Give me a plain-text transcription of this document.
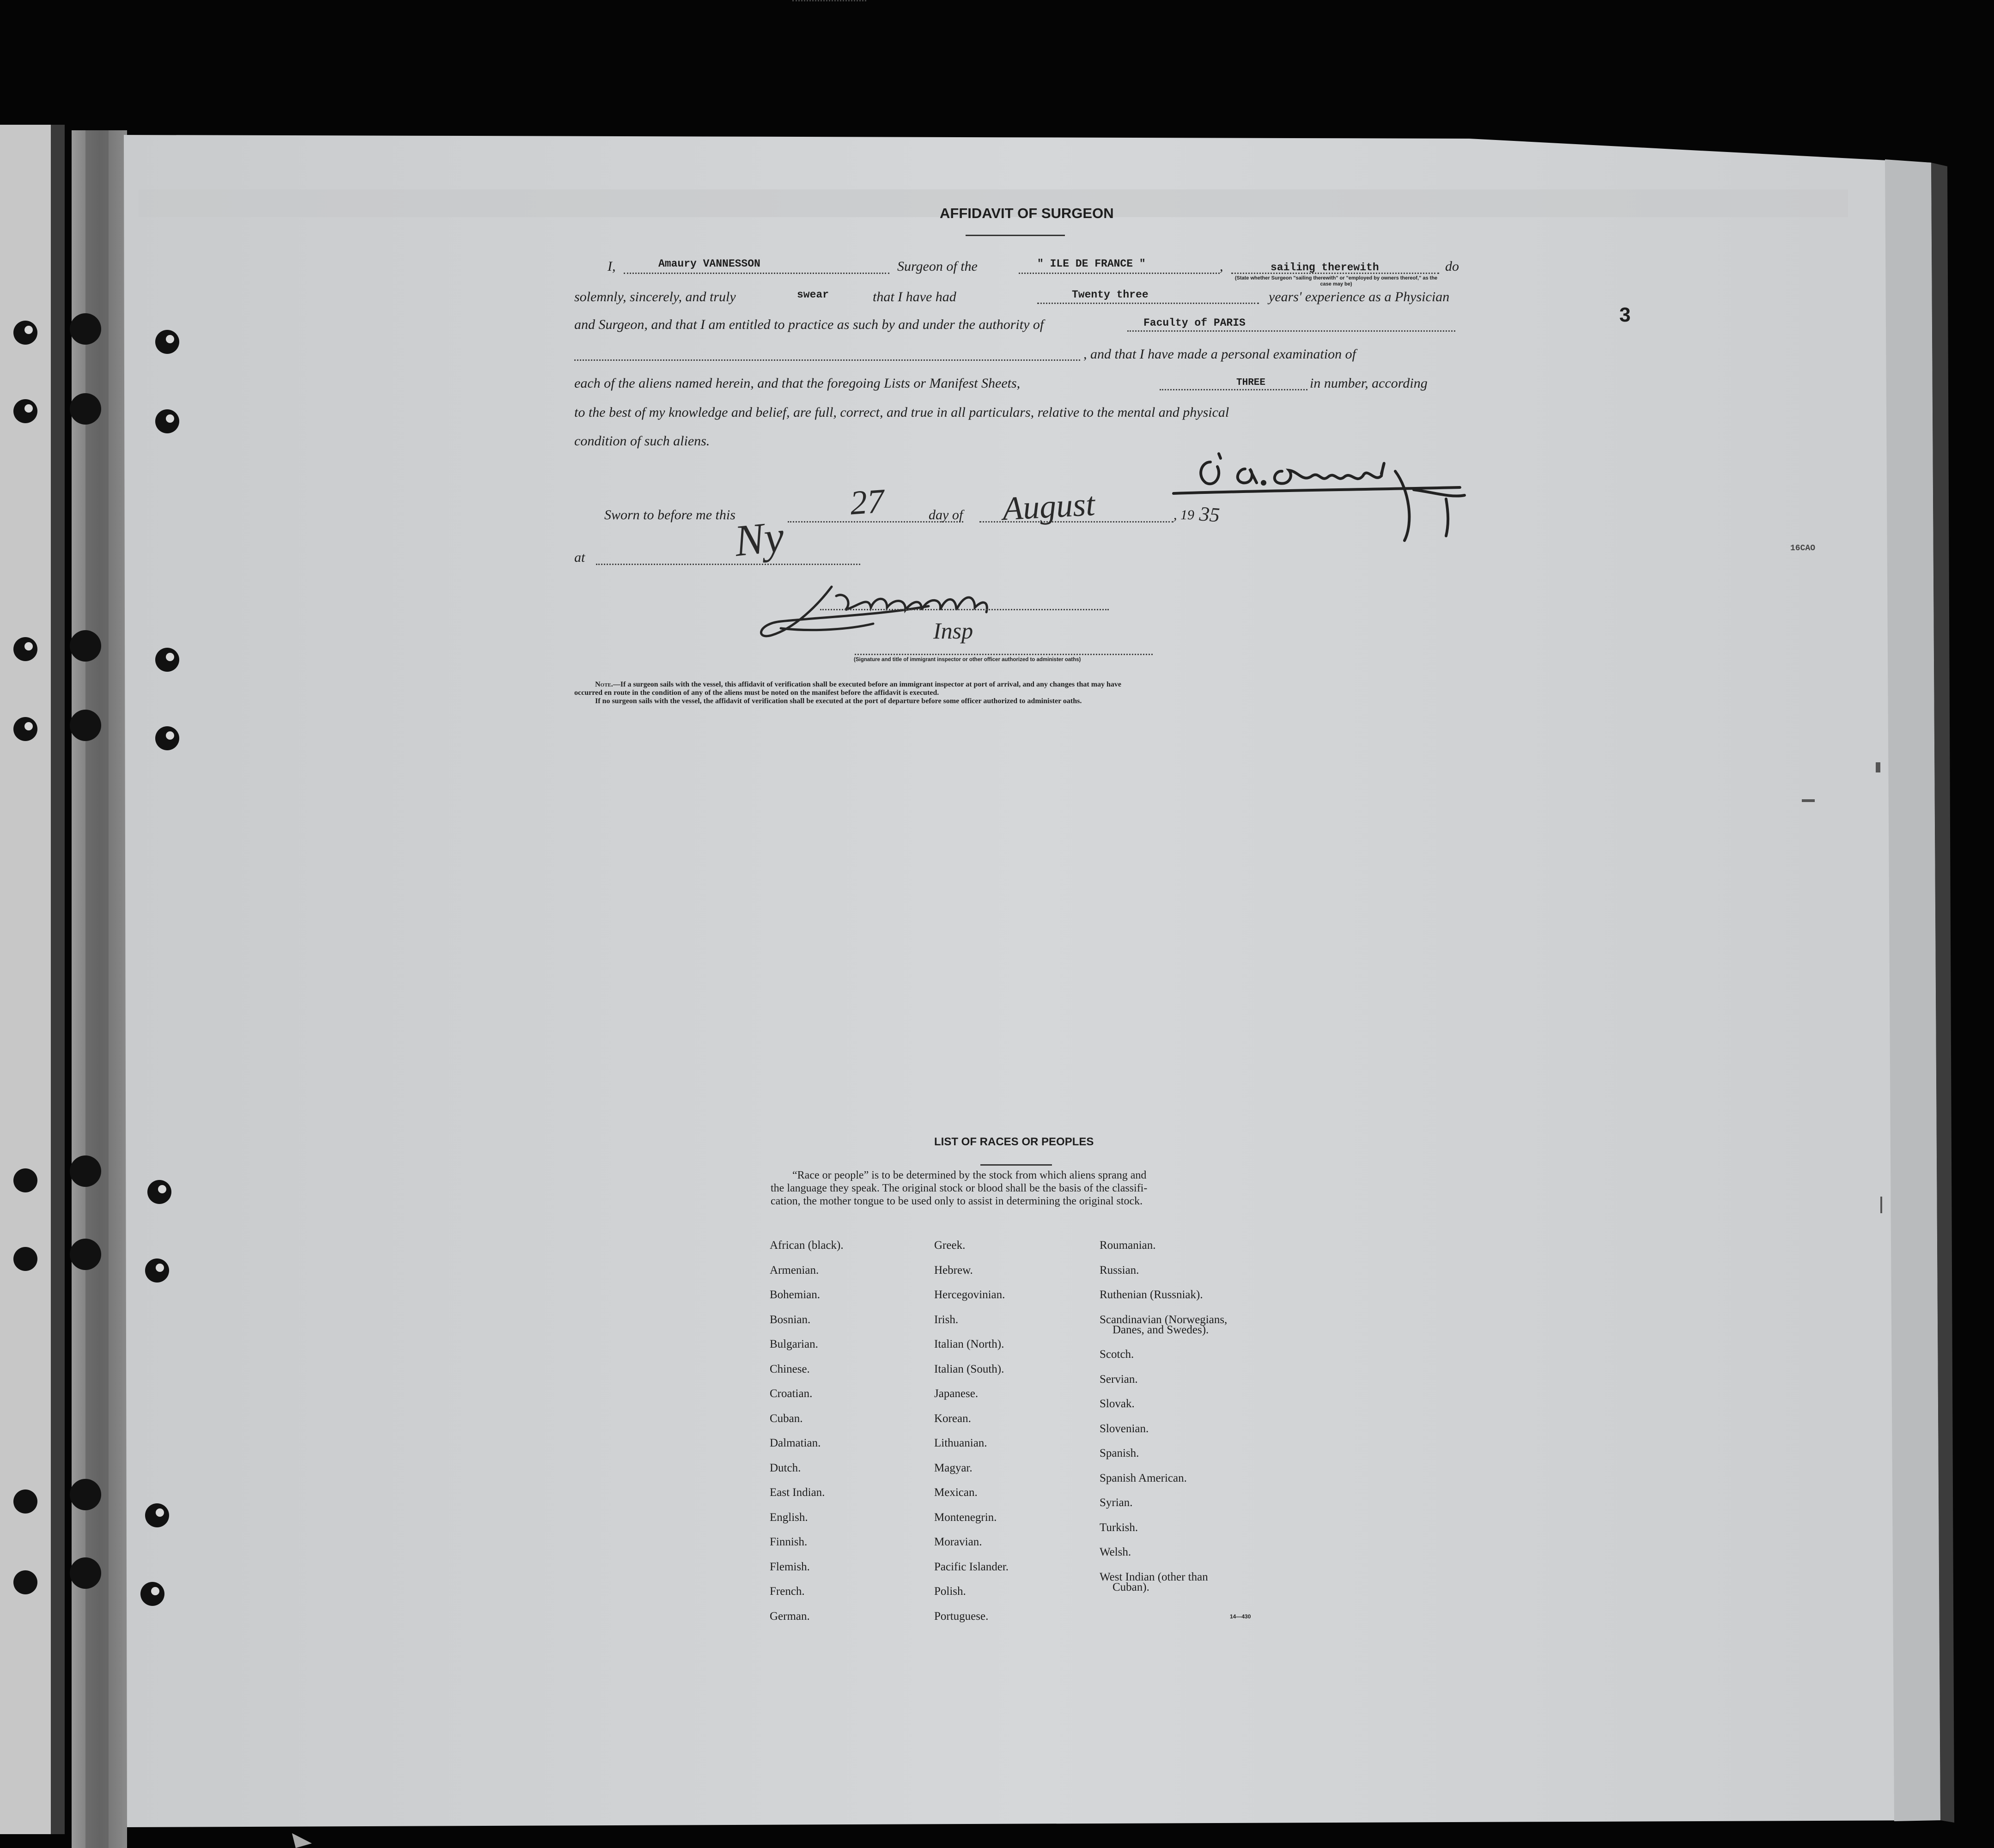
3
16CAO
AFFIDAVIT OF SURGEON
I,	Amaury VANNESSON	Surgeon of the	" ILE DE FRANCE "	,	sailing therewith	do
(State whether Surgeon "sailing therewith" or "employed by owners thereof," as the case may be)
solemnly, sincerely, and truly	swear	that I have had	Twenty three	years' experience as a Physician
and Surgeon, and that I am entitled to practice as such by and under the authority of	Faculty of PARIS
, and that I have made a personal examination of
each of the aliens named herein, and that the foregoing Lists or Manifest Sheets,	THREE	in number, according
to the best of my knowledge and belief, are full, correct, and true in all particulars, relative to the mental and physical
condition of such aliens.
Sworn to before me this	27	day of August	, 19 35
at	Ny
Insp
(Signature and title of immigrant inspector or other officer authorized to administer oaths)
Note.—If a surgeon sails with the vessel, this affidavit of verification shall be executed before an immigrant inspector at port of arrival, and any changes that may have
occurred en route in the condition of any of the aliens must be noted on the manifest before the affidavit is executed.
If no surgeon sails with the vessel, the affidavit of verification shall be executed at the port of departure before some officer authorized to administer oaths.
LIST OF RACES OR PEOPLES
“Race or people” is to be determined by the stock from which aliens sprang and
the language they speak. The original stock or blood shall be the basis of the classifi-
cation, the mother tongue to be used only to assist in determining the original stock.
African (black).
Armenian.
Bohemian.
Bosnian.
Bulgarian.
Chinese.
Croatian.
Cuban.
Dalmatian.
Dutch.
East Indian.
English.
Finnish.
Flemish.
French.
German.
Greek.
Hebrew.
Hercegovinian.
Irish.
Italian (North).
Italian (South).
Japanese.
Korean.
Lithuanian.
Magyar.
Mexican.
Montenegrin.
Moravian.
Pacific Islander.
Polish.
Portuguese.
Roumanian.
Russian.
Ruthenian (Russniak).
Scandinavian (Norwegians,
Danes, and Swedes).
Scotch.
Servian.
Slovak.
Slovenian.
Spanish.
Spanish American.
Syrian.
Turkish.
Welsh.
West Indian (other than
Cuban).
14—430
